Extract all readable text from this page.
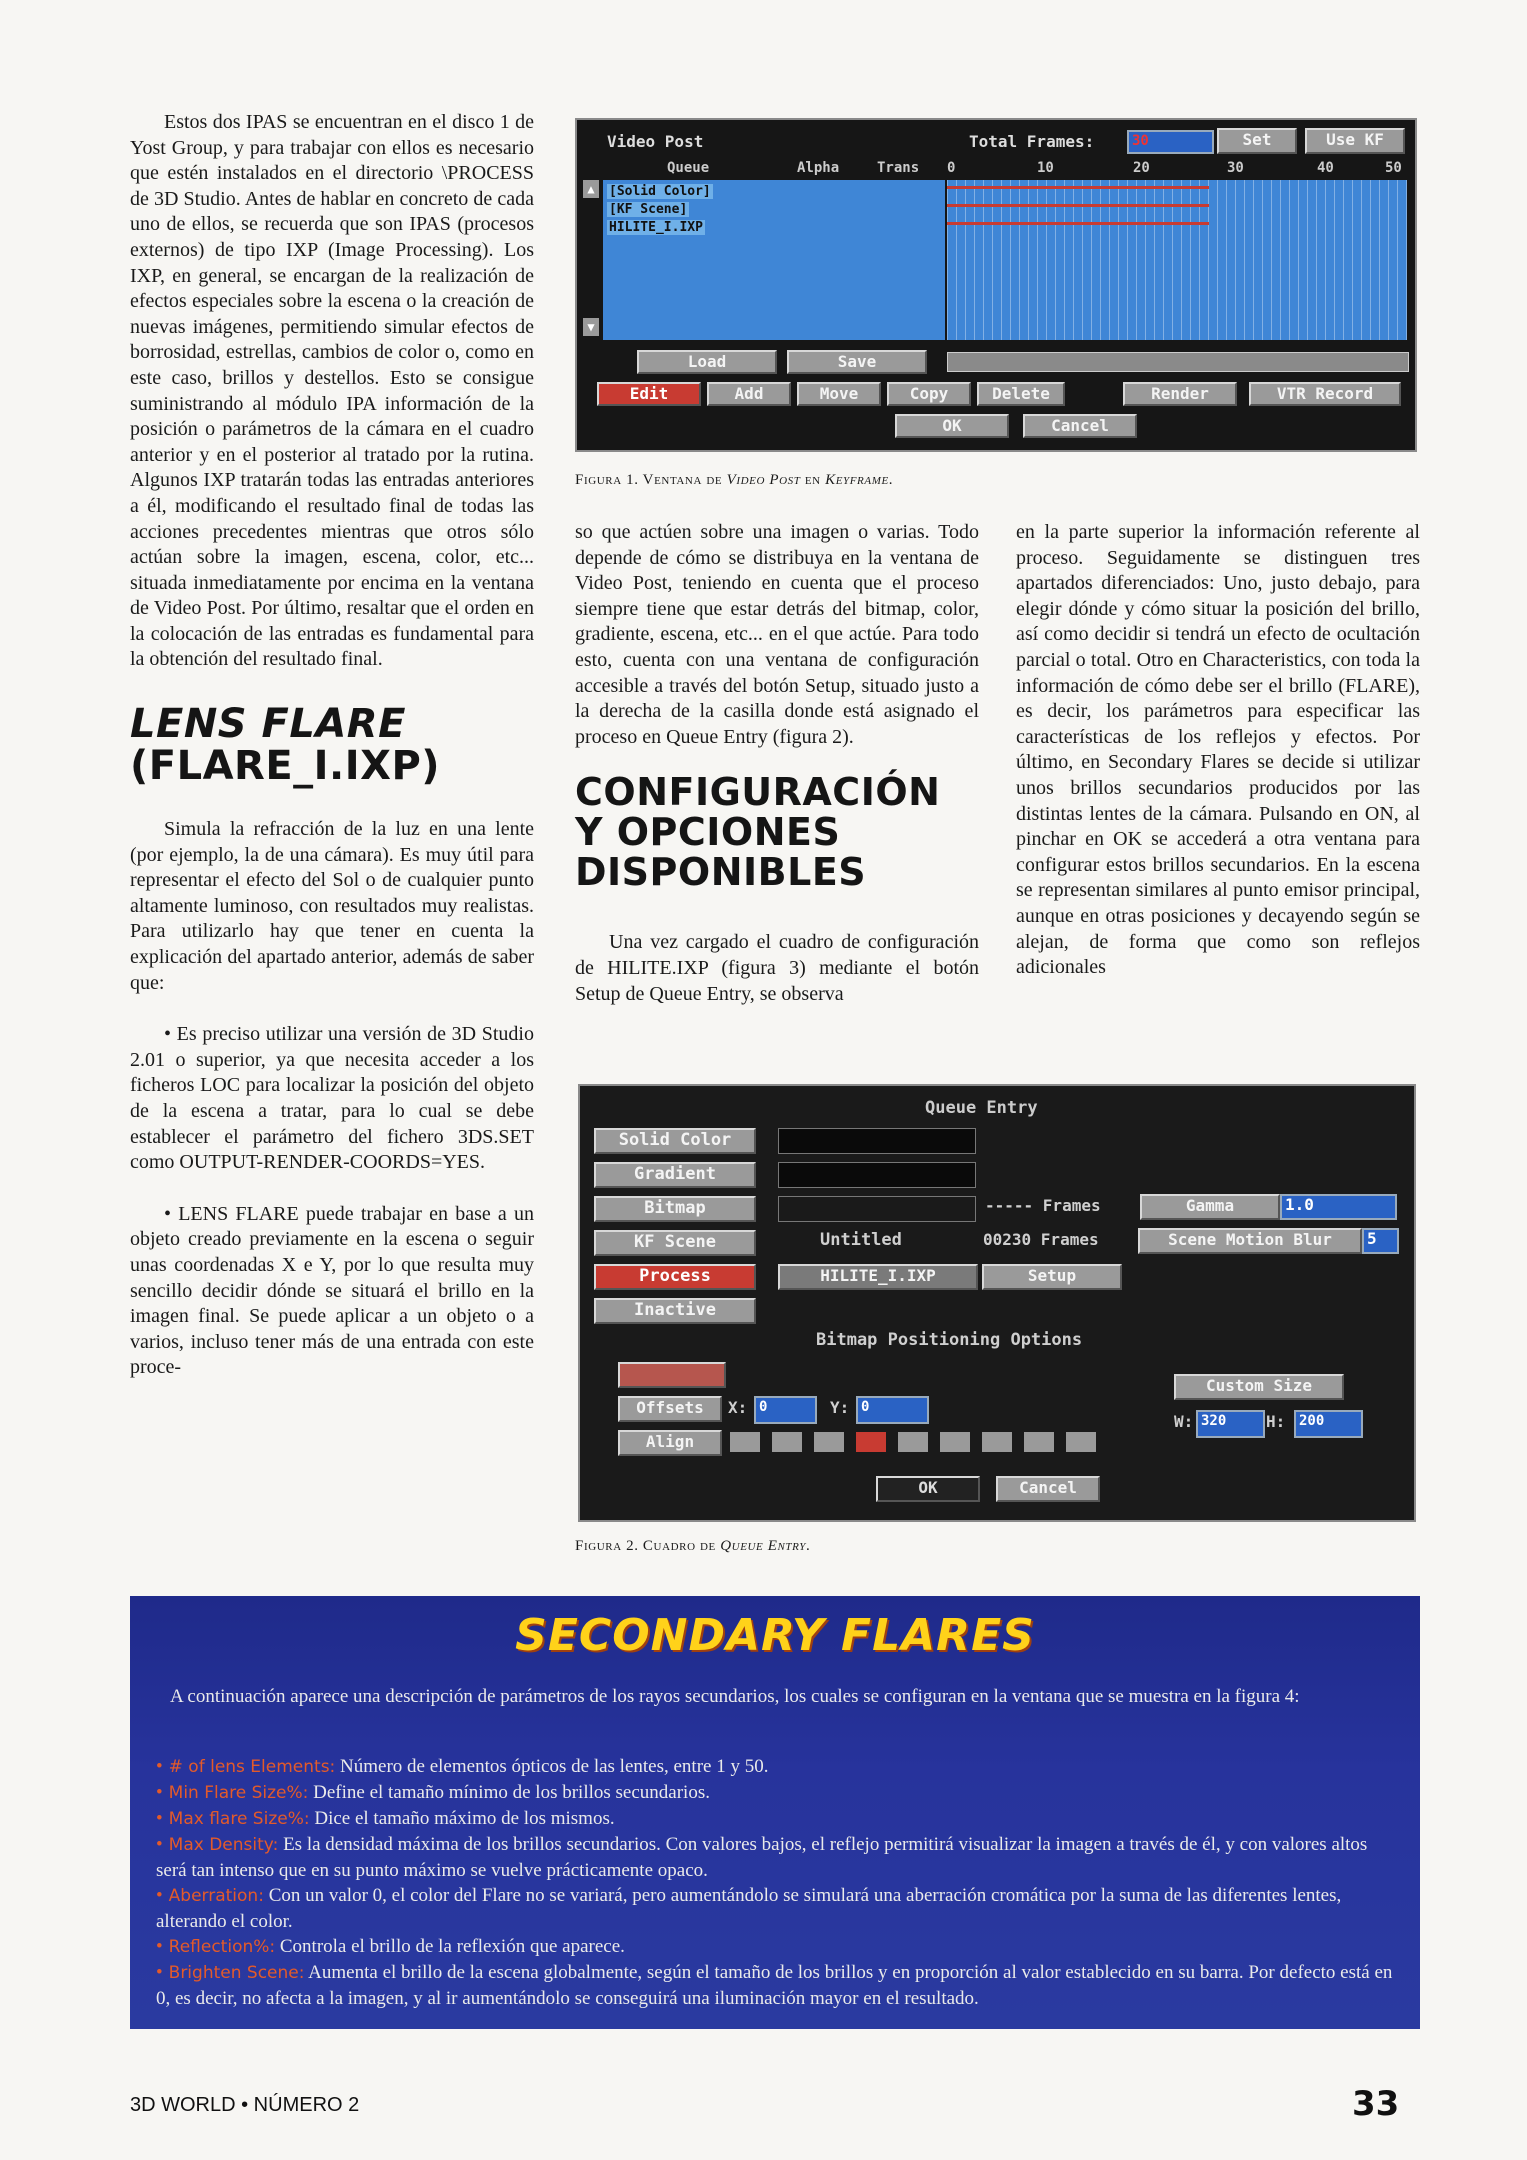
Estos dos IPAS se encuentran en el disco 1 de Yost Group, y para trabajar con ellos es necesario que estén instalados en el directorio \PROCESS de 3D Studio. Antes de hablar en concreto de cada uno de ellos, se recuerda que son IPAS (procesos externos) de tipo IXP (Image Processing). Los IXP, en general, se encargan de la realización de efectos especiales sobre la escena o la creación de nuevas imágenes, permitiendo simular efectos de borrosidad, estrellas, cambios de color o, como en este caso, brillos y destellos. Esto se consigue suministrando al módulo IPA información de la posición o parámetros de la cámara en el cuadro anterior y en el posterior al tratado por la rutina. Algunos IXP tratarán todas las entradas anteriores a él, modificando el resultado final de todas las acciones precedentes mientras que otros sólo actúan sobre la imagen, escena, color, etc... situada inmediatamente por encima en la ventana de Video Post. Por último, resaltar que el orden en la colocación de las entradas es fundamental para la obtención del resultado final.

LENS FLARE
(FLARE_I.IXP)

Simula la refracción de la luz en una lente (por ejemplo, la de una cámara). Es muy útil para representar el efecto del Sol o de cualquier punto altamente luminoso, con resultados muy realistas. Para utilizarlo hay que tener en cuenta la explicación del apartado anterior, además de saber que:

• Es preciso utilizar una versión de 3D Studio 2.01 o superior, ya que necesita acceder a los ficheros LOC para localizar la posición del objeto de la escena a tratar, para lo cual se debe establecer el parámetro del fichero 3DS.SET como OUTPUT-RENDER-COORDS=YES.

• LENS FLARE puede trabajar en base a un objeto creado previamente en la escena o seguir unas coordenadas X e Y, por lo que resulta muy sencillo decidir dónde se situará el brillo en la imagen final. Se puede aplicar a un objeto o a varios, incluso tener más de una entrada con este proce-

Video Post	Total Frames:	30	Set	Use KF
Queue	Alpha	Trans 0	10	20	30	40	50
▲
▼
[Solid Color]
[KF Scene]
HILITE_I.IXP
Load	Save
Edit	Add	Move	Copy	Delete	Render	VTR Record
OK	Cancel
Figura 1. Ventana de Video Post en Keyframe.

so que actúen sobre una imagen o varias. Todo depende de cómo se distribuya en la ventana de Video Post, teniendo en cuenta que el proceso siempre tiene que estar detrás del bitmap, color, gradiente, escena, etc... en el que actúe. Para todo esto, cuenta con una ventana de configuración accesible a través del botón Setup, situado justo a la derecha de la casilla donde está asignado el proceso en Queue Entry (figura 2).

CONFIGURACIÓN
Y OPCIONES
DISPONIBLES

Una vez cargado el cuadro de configuración de HILITE.IXP (figura 3) mediante el botón Setup de Queue Entry, se observa

en la parte superior la información referente al proceso. Seguidamente se distinguen tres apartados diferenciados: Uno, justo debajo, para elegir dónde y cómo situar la posición del brillo, así como decidir si tendrá un efecto de ocultación parcial o total. Otro en Characteristics, con toda la información de cómo debe ser el brillo (FLARE), es decir, los parámetros para especificar las características de los reflejos y efectos. Por último, en Secondary Flares se decide si utilizar unos brillos secundarios producidos por las distintas lentes de la cámara. Pulsando en ON, al pinchar en OK se accederá a otra ventana para configurar estos brillos secundarios. En la escena se representan similares al punto emisor principal, aunque en otras posiciones y decayendo según se alejan, de forma que como son reflejos adicionales

Queue Entry
Solid Color
Gradient
Bitmap
KF Scene
Process
Inactive
----- Frames	Gamma	1.0
Untitled	00230 Frames	Scene Motion Blur	5
HILITE_I.IXP	Setup
Bitmap Positioning Options
Offsets	X: 0	Y: 0
Align
Custom Size
W: 320	H: 200
OK	Cancel
Figura 2. Cuadro de Queue Entry.
SECONDARY FLARES
A continuación aparece una descripción de parámetros de los rayos secundarios, los cuales se configuran en la ventana que se muestra en la figura 4:
• # of lens Elements: Número de elementos ópticos de las lentes, entre 1 y 50.
• Min Flare Size%: Define el tamaño mínimo de los brillos secundarios.
• Max flare Size%: Dice el tamaño máximo de los mismos.
• Max Density: Es la densidad máxima de los brillos secundarios. Con valores bajos, el reflejo permitirá visualizar la imagen a través de él, y con valores altos será tan intenso que en su punto máximo se vuelve prácticamente opaco.
• Aberration: Con un valor 0, el color del Flare no se variará, pero aumentándolo se simulará una aberración cromática por la suma de las diferentes lentes, alterando el color.
• Reflection%: Controla el brillo de la reflexión que aparece.
• Brighten Scene: Aumenta el brillo de la escena globalmente, según el tamaño de los brillos y en proporción al valor establecido en su barra. Por defecto está en 0, es decir, no afecta a la imagen, y al ir aumentándolo se conseguirá una iluminación mayor en el resultado.
3D WORLD • NÚMERO 2	33
